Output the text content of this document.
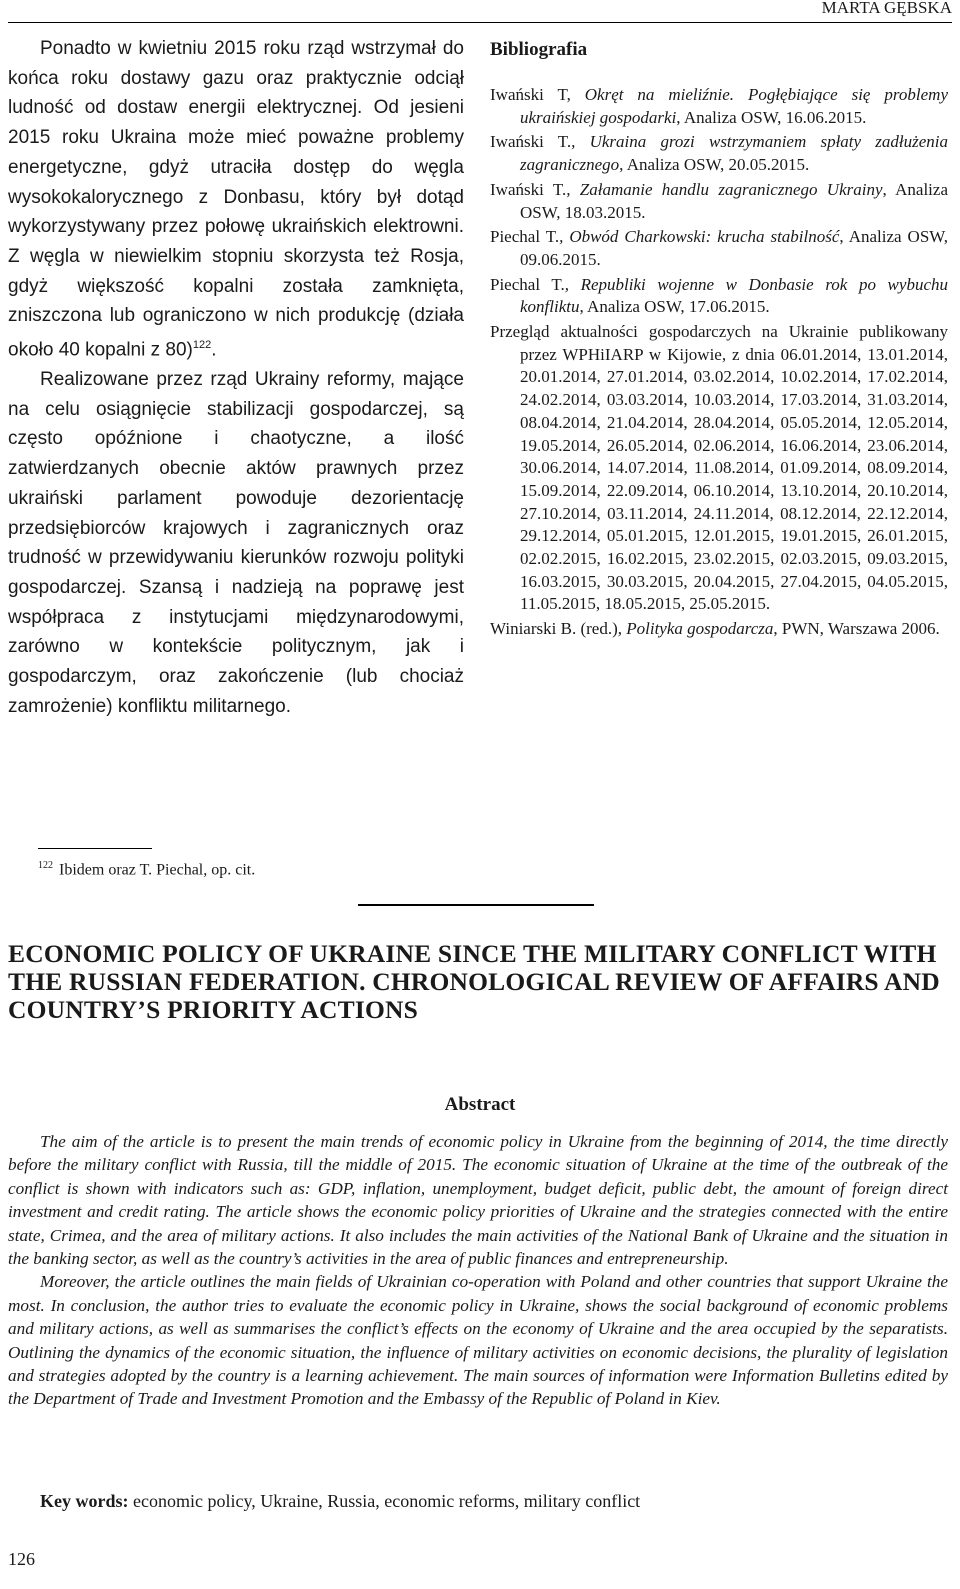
MARTA GĘBSKA

Ponadto w kwietniu 2015 roku rząd wstrzymał do końca roku dostawy gazu oraz praktycznie odciął ludność od dostaw energii elektrycznej. Od jesieni 2015 roku Ukraina może mieć poważne problemy energetyczne, gdyż utraciła dostęp do węgla wysokokalorycznego z Donbasu, który był dotąd wykorzystywany przez połowę ukraińskich elektrowni. Z węgla w niewielkim stopniu skorzysta też Rosja, gdyż większość kopalni została zamknięta, zniszczona lub ograniczono w nich produkcję (działa około 40 kopalni z 80)$^{122}$.

Realizowane przez rząd Ukrainy reformy, mające na celu osiągnięcie stabilizacji gospodarczej, są często opóźnione i chaotyczne, a ilość zatwierdzanych obecnie aktów prawnych przez ukraiński parlament powoduje dezorientację przedsiębiorców krajowych i zagranicznych oraz trudność w przewidywaniu kierunków rozwoju polityki gospodarczej. Szansą i nadzieją na poprawę jest współpraca z instytucjami międzynarodowymi, zarówno w kontekście politycznym, jak i gospodarczym, oraz zakończenie (lub chociaż zamrożenie) konfliktu militarnego.

Bibliografia
Iwański T, Okręt na mieliźnie. Pogłębiające się problemy ukraińskiej gospodarki, Analiza OSW, 16.06.2015.
Iwański T., Ukraina grozi wstrzymaniem spłaty zadłużenia zagranicznego, Analiza OSW, 20.05.2015.
Iwański T., Załamanie handlu zagranicznego Ukrainy, Analiza OSW, 18.03.2015.
Piechal T., Obwód Charkowski: krucha stabilność, Analiza OSW, 09.06.2015.
Piechal T., Republiki wojenne w Donbasie rok po wybuchu konfliktu, Analiza OSW, 17.06.2015.
Przegląd aktualności gospodarczych na Ukrainie publikowany przez WPHiIARP w Kijowie, z dnia 06.01.2014, 13.01.2014, 20.01.2014, 27.01.2014, 03.02.2014, 10.02.2014, 17.02.2014, 24.02.2014, 03.03.2014, 10.03.2014, 17.03.2014, 31.03.2014, 08.04.2014, 21.04.2014, 28.04.2014, 05.05.2014, 12.05.2014, 19.05.2014, 26.05.2014, 02.06.2014, 16.06.2014, 23.06.2014, 30.06.2014, 14.07.2014, 11.08.2014, 01.09.2014, 08.09.2014, 15.09.2014, 22.09.2014, 06.10.2014, 13.10.2014, 20.10.2014, 27.10.2014, 03.11.2014, 24.11.2014, 08.12.2014, 22.12.2014, 29.12.2014, 05.01.2015, 12.01.2015, 19.01.2015, 26.01.2015, 02.02.2015, 16.02.2015, 23.02.2015, 02.03.2015, 09.03.2015, 16.03.2015, 30.03.2015, 20.04.2015, 27.04.2015, 04.05.2015, 11.05.2015, 18.05.2015, 25.05.2015.
Winiarski B. (red.), Polityka gospodarcza, PWN, Warszawa 2006.
$^{122}$ Ibidem oraz T. Piechal, op. cit.
ECONOMIC POLICY OF UKRAINE SINCE THE MILITARY CONFLICT WITH THE RUSSIAN FEDERATION. CHRONOLOGICAL REVIEW OF AFFAIRS AND COUNTRY’S PRIORITY ACTIONS
Abstract

The aim of the article is to present the main trends of economic policy in Ukraine from the beginning of 2014, the time directly before the military conflict with Russia, till the middle of 2015. The economic situation of Ukraine at the time of the outbreak of the conflict is shown with indicators such as: GDP, inflation, unemployment, budget deficit, public debt, the amount of foreign direct investment and credit rating. The article shows the economic policy priorities of Ukraine and the strategies connected with the entire state, Crimea, and the area of military actions. It also includes the main activities of the National Bank of Ukraine and the situation in the banking sector, as well as the country’s activities in the area of public finances and entrepreneurship.

Moreover, the article outlines the main fields of Ukrainian co-operation with Poland and other countries that support Ukraine the most. In conclusion, the author tries to evaluate the economic policy in Ukraine, shows the social background of economic problems and military actions, as well as summarises the conflict’s effects on the economy of Ukraine and the area occupied by the separatists. Outlining the dynamics of the economic situation, the influence of military activities on economic decisions, the plurality of legislation and strategies adopted by the country is a learning achievement. The main sources of information were Information Bulletins edited by the Department of Trade and Investment Promotion and the Embassy of the Republic of Poland in Kiev.

Key words: economic policy, Ukraine, Russia, economic reforms, military conflict
126
